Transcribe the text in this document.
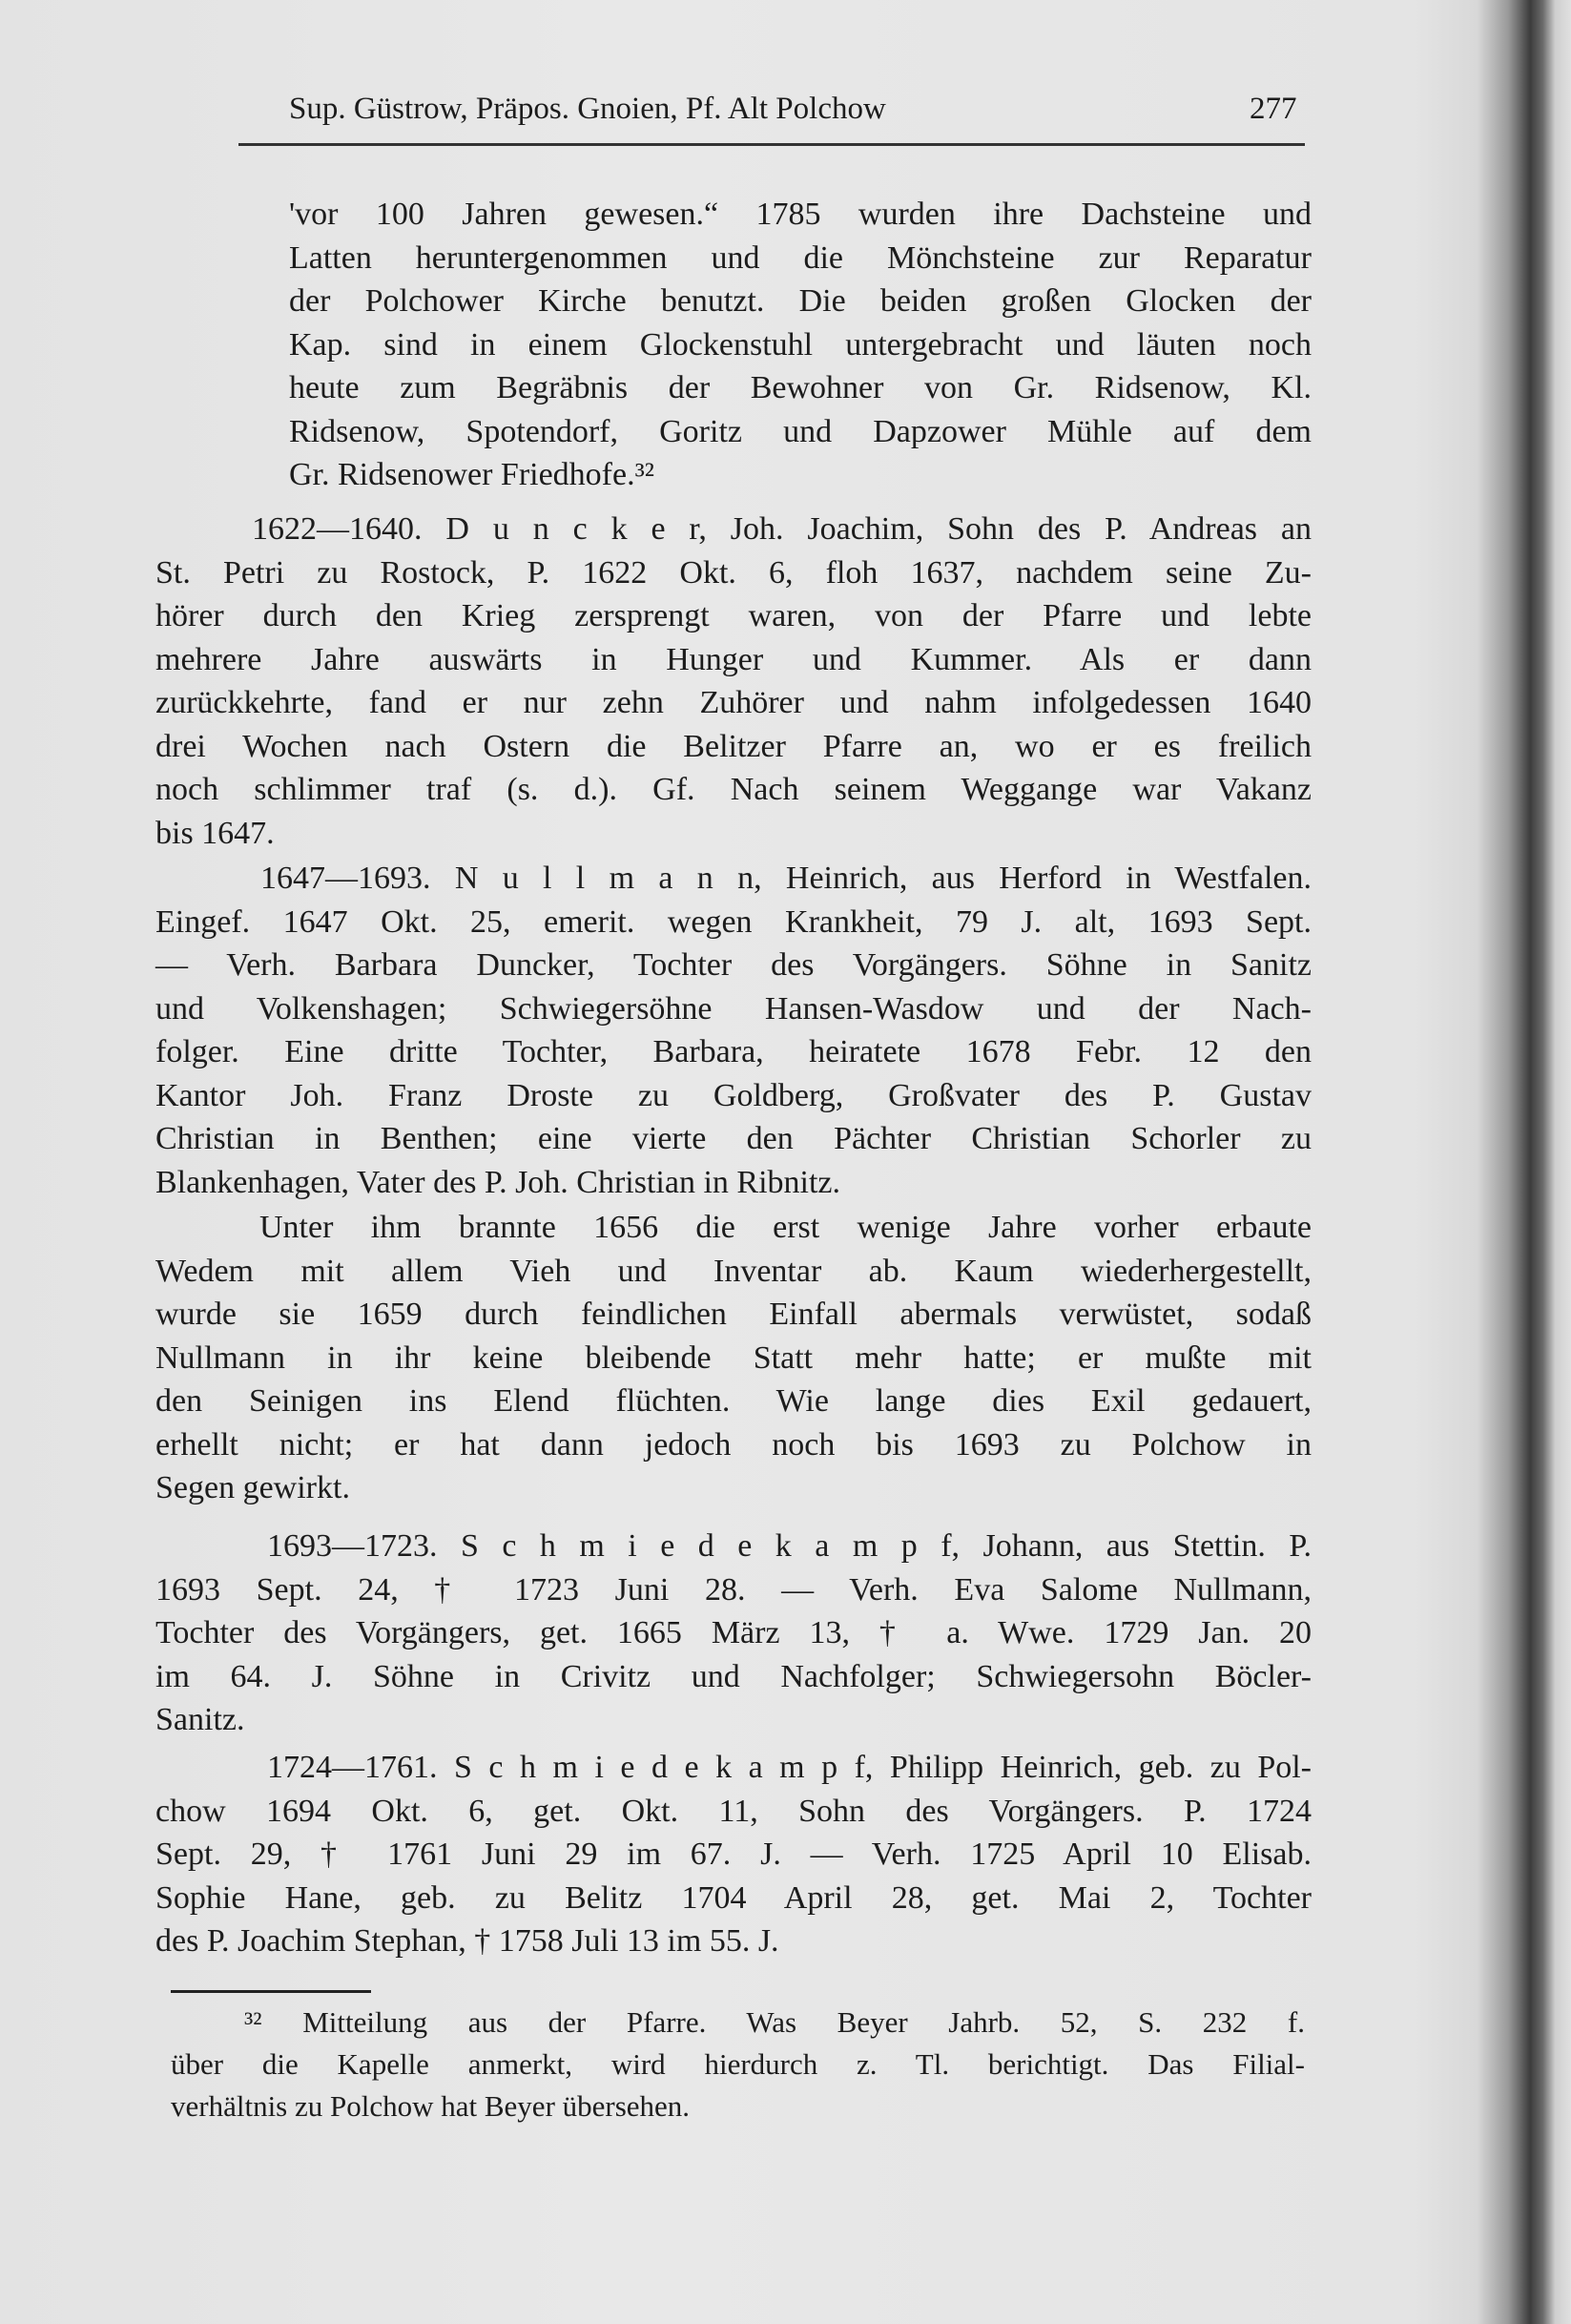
Sup. Güstrow, Präpos. Gnoien, Pf. Alt Polchow	277
'vor 100 Jahren gewesen.“ 1785 wurden ihre Dachsteine und
Latten heruntergenommen und die Mönchsteine zur Reparatur
der Polchower Kirche benutzt. Die beiden großen Glocken der
Kap. sind in einem Glockenstuhl untergebracht und läuten noch
heute zum Begräbnis der Bewohner von Gr. Ridsenow, Kl.
Ridsenow, Spotendorf, Goritz und Dapzower Mühle auf dem
Gr. Ridsenower Friedhofe.³²
1622—1640. D u n c k e r, Joh. Joachim, Sohn des P. Andreas an
St. Petri zu Rostock, P. 1622 Okt. 6, floh 1637, nachdem seine Zu-
hörer durch den Krieg zersprengt waren, von der Pfarre und lebte
mehrere Jahre auswärts in Hunger und Kummer. Als er dann
zurückkehrte, fand er nur zehn Zuhörer und nahm infolgedessen 1640
drei Wochen nach Ostern die Belitzer Pfarre an, wo er es freilich
noch schlimmer traf (s. d.). Gf. Nach seinem Weggange war Vakanz
bis 1647.
1647—1693. N u l l m a n n, Heinrich, aus Herford in Westfalen.
Eingef. 1647 Okt. 25, emerit. wegen Krankheit, 79 J. alt, 1693 Sept.
— Verh. Barbara Duncker, Tochter des Vorgängers. Söhne in Sanitz
und Volkenshagen; Schwiegersöhne Hansen-Wasdow und der Nach-
folger. Eine dritte Tochter, Barbara, heiratete 1678 Febr. 12 den
Kantor Joh. Franz Droste zu Goldberg, Großvater des P. Gustav
Christian in Benthen; eine vierte den Pächter Christian Schorler zu
Blankenhagen, Vater des P. Joh. Christian in Ribnitz.
Unter ihm brannte 1656 die erst wenige Jahre vorher erbaute
Wedem mit allem Vieh und Inventar ab. Kaum wiederhergestellt,
wurde sie 1659 durch feindlichen Einfall abermals verwüstet, sodaß
Nullmann in ihr keine bleibende Statt mehr hatte; er mußte mit
den Seinigen ins Elend flüchten. Wie lange dies Exil gedauert,
erhellt nicht; er hat dann jedoch noch bis 1693 zu Polchow in
Segen gewirkt.
1693—1723. S c h m i e d e k a m p f, Johann, aus Stettin. P.
1693 Sept. 24, † 1723 Juni 28. — Verh. Eva Salome Nullmann,
Tochter des Vorgängers, get. 1665 März 13, † a. Wwe. 1729 Jan. 20
im 64. J. Söhne in Crivitz und Nachfolger; Schwiegersohn Böcler-
Sanitz.
1724—1761. S c h m i e d e k a m p f, Philipp Heinrich, geb. zu Pol-
chow 1694 Okt. 6, get. Okt. 11, Sohn des Vorgängers. P. 1724
Sept. 29, † 1761 Juni 29 im 67. J. — Verh. 1725 April 10 Elisab.
Sophie Hane, geb. zu Belitz 1704 April 28, get. Mai 2, Tochter
des P. Joachim Stephan, † 1758 Juli 13 im 55. J.
³² Mitteilung aus der Pfarre. Was Beyer Jahrb. 52, S. 232 f.
über die Kapelle anmerkt, wird hierdurch z. Tl. berichtigt. Das Filial-
verhältnis zu Polchow hat Beyer übersehen.
